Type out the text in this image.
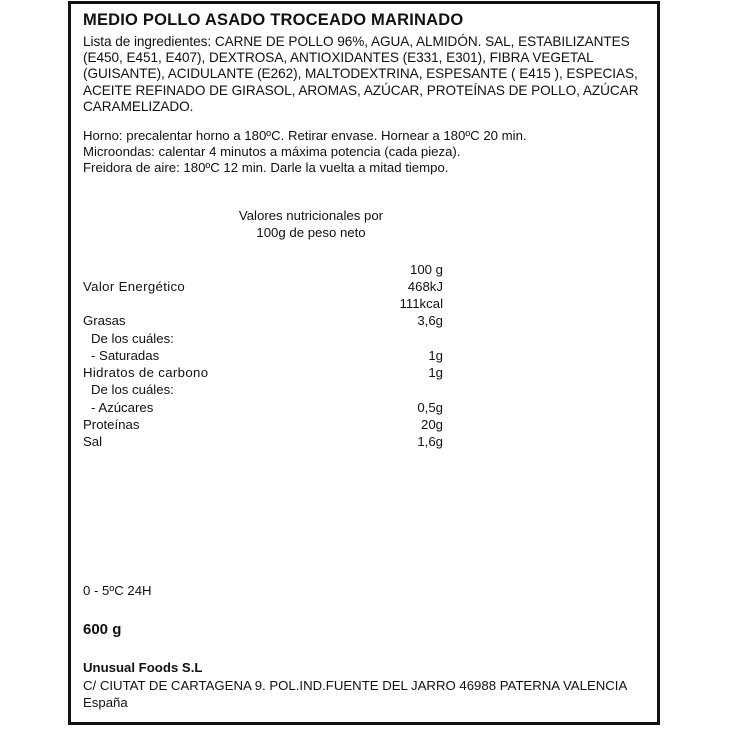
MEDIO POLLO ASADO TROCEADO MARINADO

Lista de ingredientes: CARNE DE POLLO 96%, AGUA, ALMIDÓN. SAL, ESTABILIZANTES (E450, E451, E407), DEXTROSA, ANTIOXIDANTES (E331, E301), FIBRA VEGETAL (GUISANTE), ACIDULANTE (E262), MALTODEXTRINA, ESPESANTE ( E415 ), ESPECIAS, ACEITE REFINADO DE GIRASOL, AROMAS, AZÚCAR, PROTEÍNAS DE POLLO, AZÚCAR CARAMELIZADO.

Horno: precalentar horno a 180ºC. Retirar envase. Hornear a 180ºC 20 min.
Microondas: calentar 4 minutos a máxima potencia (cada pieza).
Freidora de aire: 180ºC 12 min. Darle la vuelta a mitad tiempo.
Valores nutricionales por
100g de peso neto
	100 g
Valor Energético	468kJ
	111kcal
Grasas	3,6g
De los cuáles:	
- Saturadas	1g
Hidratos de carbono	1g
De los cuáles:	
- Azúcares	0,5g
Proteínas	20g
Sal	1,6g
0 - 5ºC 24H
600 g
Unusual Foods S.L
C/ CIUTAT DE CARTAGENA 9. POL.IND.FUENTE DEL JARRO 46988 PATERNA VALENCIA España
